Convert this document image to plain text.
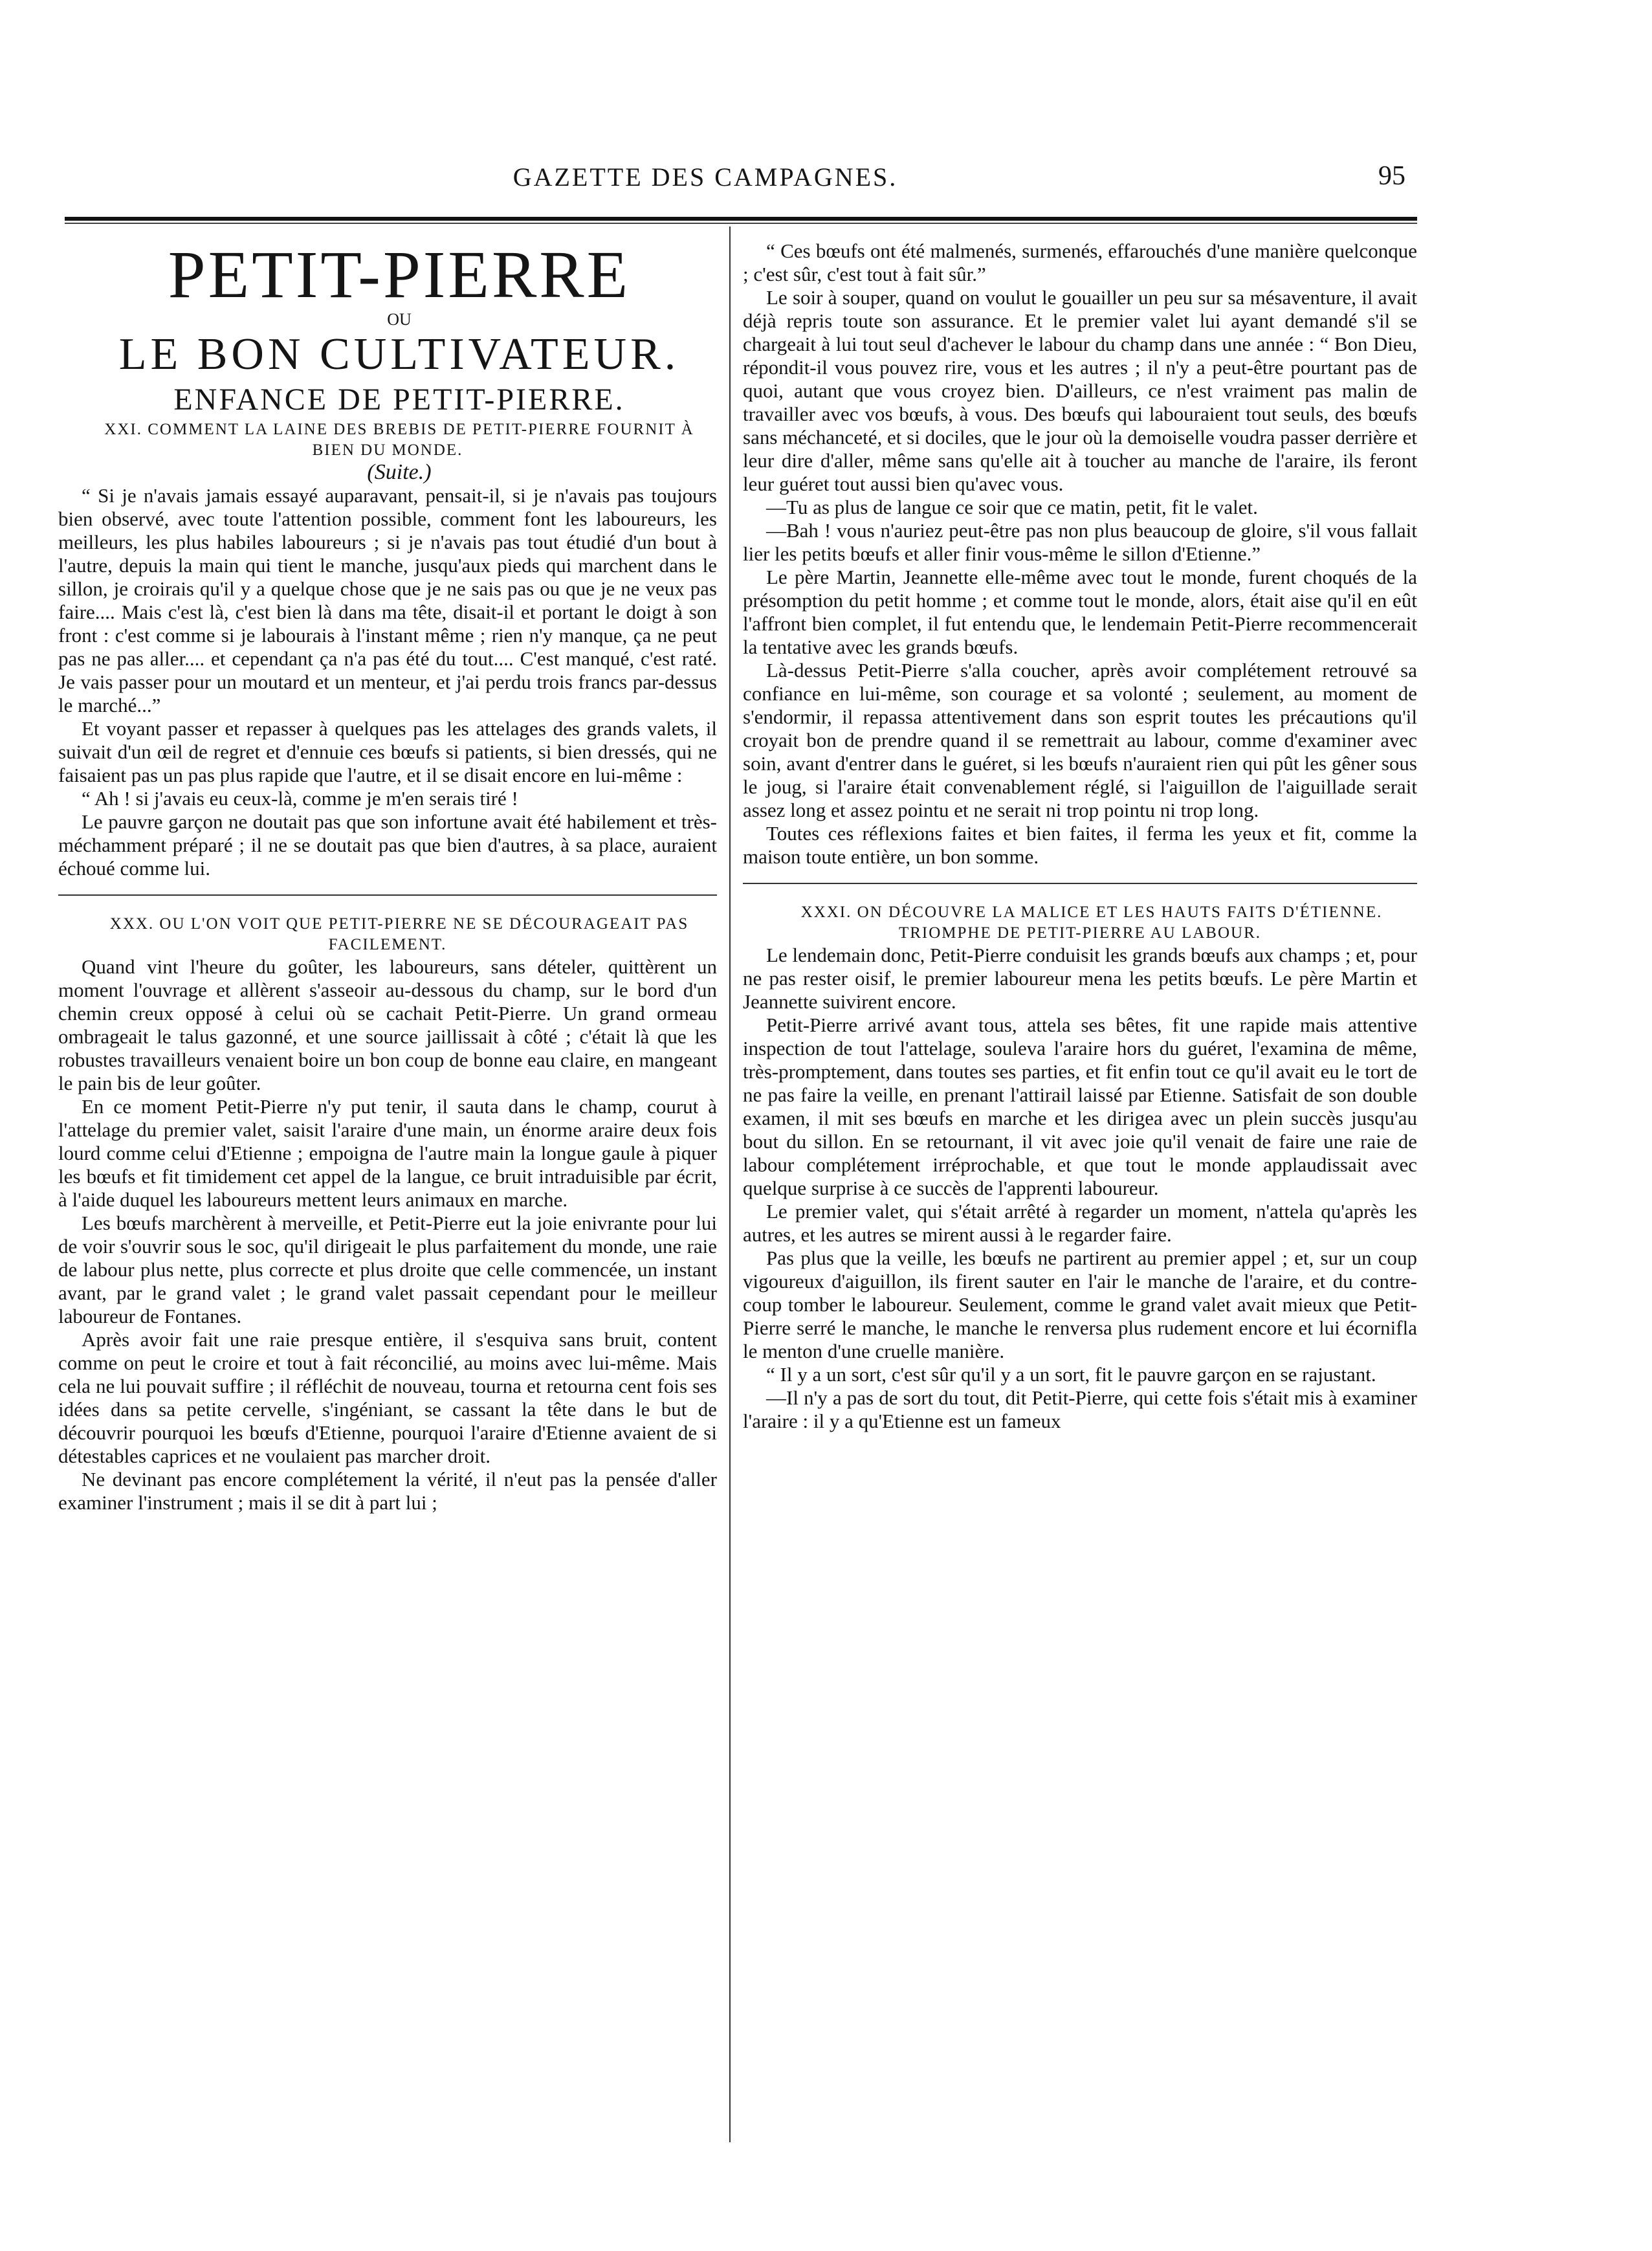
GAZETTE DES CAMPAGNES.	95

PETIT-PIERRE

OU

LE BON CULTIVATEUR.

ENFANCE DE PETIT-PIERRE.

XXI. COMMENT LA LAINE DES BREBIS DE PETIT-PIERRE FOURNIT À BIEN DU MONDE.

(Suite.)

“ Si je n'avais jamais essayé auparavant, pensait-il, si je n'avais pas toujours bien observé, avec toute l'attention possible, comment font les laboureurs, les meilleurs, les plus habiles laboureurs ; si je n'avais pas tout étudié d'un bout à l'autre, depuis la main qui tient le manche, jusqu'aux pieds qui marchent dans le sillon, je croirais qu'il y a quelque chose que je ne sais pas ou que je ne veux pas faire.... Mais c'est là, c'est bien là dans ma tête, disait-il et portant le doigt à son front : c'est comme si je labourais à l'instant même ; rien n'y manque, ça ne peut pas ne pas aller.... et cependant ça n'a pas été du tout.... C'est manqué, c'est raté. Je vais passer pour un moutard et un menteur, et j'ai perdu trois francs par-dessus le marché...”

Et voyant passer et repasser à quelques pas les attelages des grands valets, il suivait d'un œil de regret et d'ennuie ces bœufs si patients, si bien dressés, qui ne faisaient pas un pas plus rapide que l'autre, et il se disait encore en lui-même :

“ Ah ! si j'avais eu ceux-là, comme je m'en serais tiré !

Le pauvre garçon ne doutait pas que son infortune avait été habilement et très-méchamment préparé ; il ne se doutait pas que bien d'autres, à sa place, auraient échoué comme lui.

XXX. OU L'ON VOIT QUE PETIT-PIERRE NE SE DÉCOURAGEAIT PAS FACILEMENT.

Quand vint l'heure du goûter, les laboureurs, sans dételer, quittèrent un moment l'ouvrage et allèrent s'asseoir au-dessous du champ, sur le bord d'un chemin creux opposé à celui où se cachait Petit-Pierre. Un grand ormeau ombrageait le talus gazonné, et une source jaillissait à côté ; c'était là que les robustes travailleurs venaient boire un bon coup de bonne eau claire, en mangeant le pain bis de leur goûter.

En ce moment Petit-Pierre n'y put tenir, il sauta dans le champ, courut à l'attelage du premier valet, saisit l'araire d'une main, un énorme araire deux fois lourd comme celui d'Etienne ; empoigna de l'autre main la longue gaule à piquer les bœufs et fit timidement cet appel de la langue, ce bruit intraduisible par écrit, à l'aide duquel les laboureurs mettent leurs animaux en marche.

Les bœufs marchèrent à merveille, et Petit-Pierre eut la joie enivrante pour lui de voir s'ouvrir sous le soc, qu'il dirigeait le plus parfaitement du monde, une raie de labour plus nette, plus correcte et plus droite que celle commencée, un instant avant, par le grand valet ; le grand valet passait cependant pour le meilleur laboureur de Fontanes.

Après avoir fait une raie presque entière, il s'esquiva sans bruit, content comme on peut le croire et tout à fait réconcilié, au moins avec lui-même. Mais cela ne lui pouvait suffire ; il réfléchit de nouveau, tourna et retourna cent fois ses idées dans sa petite cervelle, s'ingéniant, se cassant la tête dans le but de découvrir pourquoi les bœufs d'Etienne, pourquoi l'araire d'Etienne avaient de si détestables caprices et ne voulaient pas marcher droit.

Ne devinant pas encore complétement la vérité, il n'eut pas la pensée d'aller examiner l'instrument ; mais il se dit à part lui ;

“ Ces bœufs ont été malmenés, surmenés, effarouchés d'une manière quelconque ; c'est sûr, c'est tout à fait sûr.”

Le soir à souper, quand on voulut le gouailler un peu sur sa mésaventure, il avait déjà repris toute son assurance. Et le premier valet lui ayant demandé s'il se chargeait à lui tout seul d'achever le labour du champ dans une année : “ Bon Dieu, répondit-il vous pouvez rire, vous et les autres ; il n'y a peut-être pourtant pas de quoi, autant que vous croyez bien. D'ailleurs, ce n'est vraiment pas malin de travailler avec vos bœufs, à vous. Des bœufs qui labouraient tout seuls, des bœufs sans méchanceté, et si dociles, que le jour où la demoiselle voudra passer derrière et leur dire d'aller, même sans qu'elle ait à toucher au manche de l'araire, ils feront leur guéret tout aussi bien qu'avec vous.

—Tu as plus de langue ce soir que ce matin, petit, fit le valet.

—Bah ! vous n'auriez peut-être pas non plus beaucoup de gloire, s'il vous fallait lier les petits bœufs et aller finir vous-même le sillon d'Etienne.”

Le père Martin, Jeannette elle-même avec tout le monde, furent choqués de la présomption du petit homme ; et comme tout le monde, alors, était aise qu'il en eût l'affront bien complet, il fut entendu que, le lendemain Petit-Pierre recommencerait la tentative avec les grands bœufs.

Là-dessus Petit-Pierre s'alla coucher, après avoir complétement retrouvé sa confiance en lui-même, son courage et sa volonté ; seulement, au moment de s'endormir, il repassa attentivement dans son esprit toutes les précautions qu'il croyait bon de prendre quand il se remettrait au labour, comme d'examiner avec soin, avant d'entrer dans le guéret, si les bœufs n'auraient rien qui pût les gêner sous le joug, si l'araire était convenablement réglé, si l'aiguillon de l'aiguillade serait assez long et assez pointu et ne serait ni trop pointu ni trop long.

Toutes ces réflexions faites et bien faites, il ferma les yeux et fit, comme la maison toute entière, un bon somme.

XXXI. ON DÉCOUVRE LA MALICE ET LES HAUTS FAITS D'ÉTIENNE. TRIOMPHE DE PETIT-PIERRE AU LABOUR.

Le lendemain donc, Petit-Pierre conduisit les grands bœufs aux champs ; et, pour ne pas rester oisif, le premier laboureur mena les petits bœufs. Le père Martin et Jeannette suivirent encore.

Petit-Pierre arrivé avant tous, attela ses bêtes, fit une rapide mais attentive inspection de tout l'attelage, souleva l'araire hors du guéret, l'examina de même, très-promptement, dans toutes ses parties, et fit enfin tout ce qu'il avait eu le tort de ne pas faire la veille, en prenant l'attirail laissé par Etienne. Satisfait de son double examen, il mit ses bœufs en marche et les dirigea avec un plein succès jusqu'au bout du sillon. En se retournant, il vit avec joie qu'il venait de faire une raie de labour complétement irréprochable, et que tout le monde applaudissait avec quelque surprise à ce succès de l'apprenti laboureur.

Le premier valet, qui s'était arrêté à regarder un moment, n'attela qu'après les autres, et les autres se mirent aussi à le regarder faire.

Pas plus que la veille, les bœufs ne partirent au premier appel ; et, sur un coup vigoureux d'aiguillon, ils firent sauter en l'air le manche de l'araire, et du contre-coup tomber le laboureur. Seulement, comme le grand valet avait mieux que Petit-Pierre serré le manche, le manche le renversa plus rudement encore et lui écornifla le menton d'une cruelle manière.

“ Il y a un sort, c'est sûr qu'il y a un sort, fit le pauvre garçon en se rajustant.

—Il n'y a pas de sort du tout, dit Petit-Pierre, qui cette fois s'était mis à examiner l'araire : il y a qu'Etienne est un fameux
